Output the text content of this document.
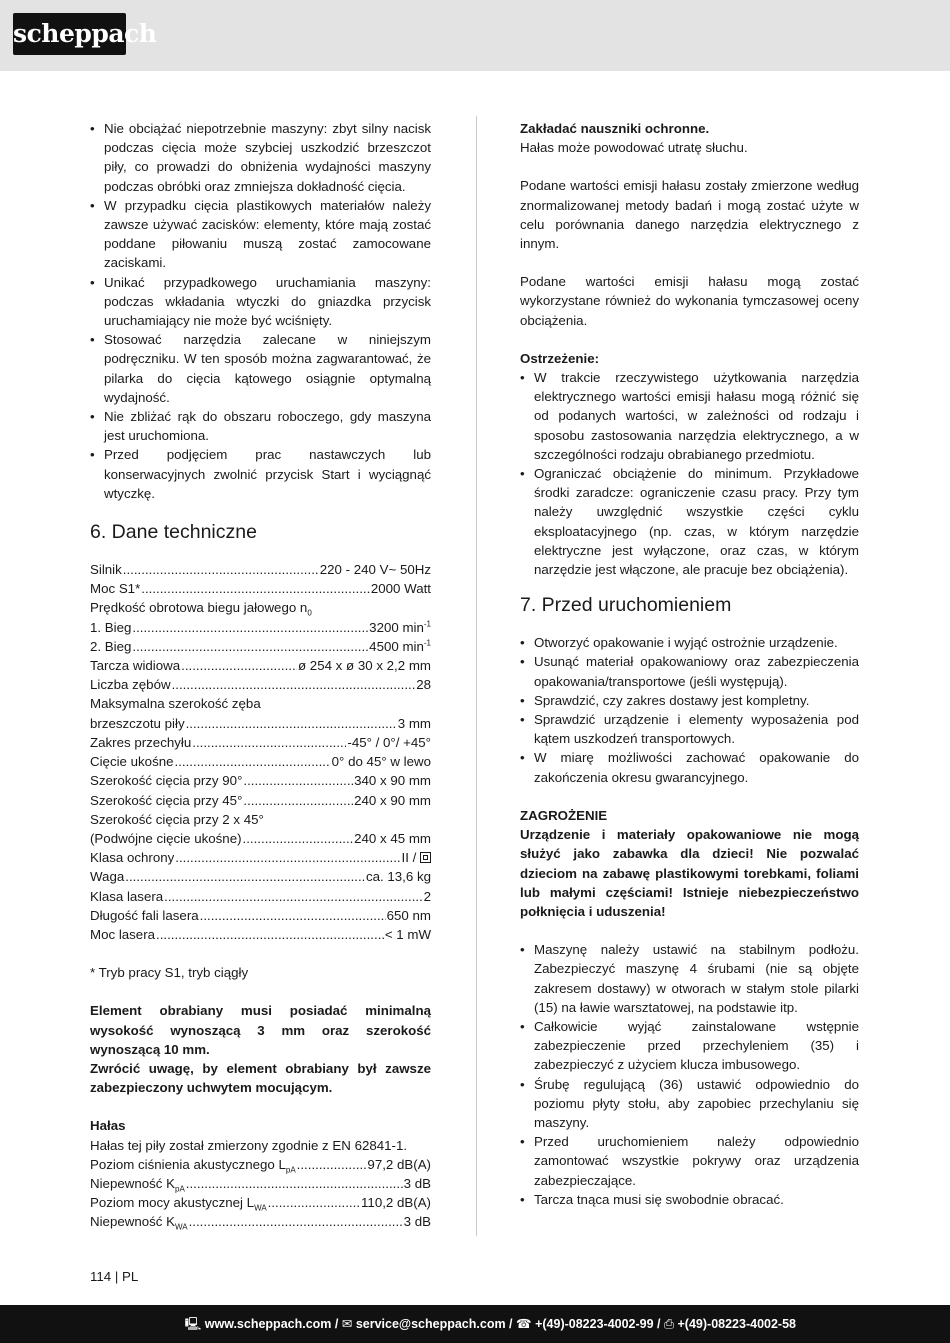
scheppach
• Nie obciążać niepotrzebnie maszyny: zbyt silny nacisk podczas cięcia może szybciej uszkodzić brzeszczot piły, co prowadzi do obniżenia wydajności maszyny podczas obróbki oraz zmniejsza dokładność cięcia.
• W przypadku cięcia plastikowych materiałów należy zawsze używać zacisków: elementy, które mają zostać poddane piłowaniu muszą zostać zamocowane zaciskami.
• Unikać przypadkowego uruchamiania maszyny: podczas wkładania wtyczki do gniazdka przycisk uruchamiający nie może być wciśnięty.
• Stosować narzędzia zalecane w niniejszym podręczniku. W ten sposób można zagwarantować, że pilarka do cięcia kątowego osiągnie optymalną wydajność.
• Nie zbliżać rąk do obszaru roboczego, gdy maszyna jest uruchomiona.
• Przed podjęciem prac nastawczych lub konserwacyjnych zwolnić przycisk Start i wyciągnąć wtyczkę.
6. Dane techniczne
Silnik .....	220 - 240 V~ 50Hz
Moc S1* .....	2000 Watt
Prędkość obrotowa biegu jałowego $n_0$
1. Bieg .....	3200 $\min^{-1}$
2. Bieg .....	4500 $\min^{-1}$
Tarcza widiowa .....	ø 254 x ø 30 x 2,2 mm
Liczba zębów .....	28
Maksymalna szerokość zęba
brzeszczotu piły .....	3 mm
Zakres przechyłu .....	-45° / 0°/ +45°
Cięcie ukośne .....	0° do 45° w lewo
Szerokość cięcia przy 90° .....	340 x 90 mm
Szerokość cięcia przy 45° .....	240 x 90 mm
Szerokość cięcia przy 2 x 45°
(Podwójne cięcie ukośne) .....	240 x 45 mm
Klasa ochrony .....	II /
Waga .....	ca. 13,6 kg
Klasa lasera .....	2
Długość fali lasera .....	650 nm
Moc lasera .....	< 1 mW

* Tryb pracy S1, tryb ciągły

Element obrabiany musi posiadać minimalną wysokość wynoszącą 3 mm oraz szerokość wynoszącą 10 mm.

Zwrócić uwagę, by element obrabiany był zawsze zabezpieczony uchwytem mocującym.

Hałas

Hałas tej piły został zmierzony zgodnie z EN 62841-1.

Poziom ciśnienia akustycznego $L_{pA}$ .....	97,2 dB(A)
Niepewność $K_{pA}$ .....	3 dB
Poziom mocy akustycznej $L_{WA}$ .....	110,2 dB(A)
Niepewność $K_{WA}$ .....	3 dB

Zakładać nauszniki ochronne.

Hałas może powodować utratę słuchu.

Podane wartości emisji hałasu zostały zmierzone według znormalizowanej metody badań i mogą zostać użyte w celu porównania danego narzędzia elektrycznego z innym.

Podane wartości emisji hałasu mogą zostać wykorzystane również do wykonania tymczasowej oceny obciążenia.

Ostrzeżenie:

• W trakcie rzeczywistego użytkowania narzędzia elektrycznego wartości emisji hałasu mogą różnić się od podanych wartości, w zależności od rodzaju i sposobu zastosowania narzędzia elektrycznego, a w szczególności rodzaju obrabianego przedmiotu.
• Ograniczać obciążenie do minimum. Przykładowe środki zaradcze: ograniczenie czasu pracy. Przy tym należy uwzględnić wszystkie części cyklu eksploatacyjnego (np. czas, w którym narzędzie elektryczne jest wyłączone, oraz czas, w którym narzędzie jest włączone, ale pracuje bez obciążenia).
7. Przed uruchomieniem
• Otworzyć opakowanie i wyjąć ostrożnie urządzenie.
• Usunąć materiał opakowaniowy oraz zabezpieczenia opakowania/transportowe (jeśli występują).
• Sprawdzić, czy zakres dostawy jest kompletny.
• Sprawdzić urządzenie i elementy wyposażenia pod kątem uszkodzeń transportowych.
• W miarę możliwości zachować opakowanie do zakończenia okresu gwarancyjnego.

ZAGROŻENIE

Urządzenie i materiały opakowaniowe nie mogą służyć jako zabawka dla dzieci! Nie pozwalać dzieciom na zabawę plastikowymi torebkami, foliami lub małymi częściami! Istnieje niebezpieczeństwo połknięcia i uduszenia!

• Maszynę należy ustawić na stabilnym podłożu. Zabezpieczyć maszynę 4 śrubami (nie są objęte zakresem dostawy) w otworach w stałym stole pilarki (15) na ławie warsztatowej, na podstawie itp.
• Całkowicie wyjąć zainstalowane wstępnie zabezpieczenie przed przechyleniem (35) i zabezpieczyć z użyciem klucza imbusowego.
• Śrubę regulującą (36) ustawić odpowiednio do poziomu płyty stołu, aby zapobiec przechylaniu się maszyny.
• Przed uruchomieniem należy odpowiednio zamontować wszystkie pokrywy oraz urządzenia zabezpieczające.
• Tarcza tnąca musi się swobodnie obracać.
114 | PL
🖳 www.scheppach.com / ✉ service@scheppach.com / ☎ +(49)-08223-4002-99 / ⎙ +(49)-08223-4002-58
